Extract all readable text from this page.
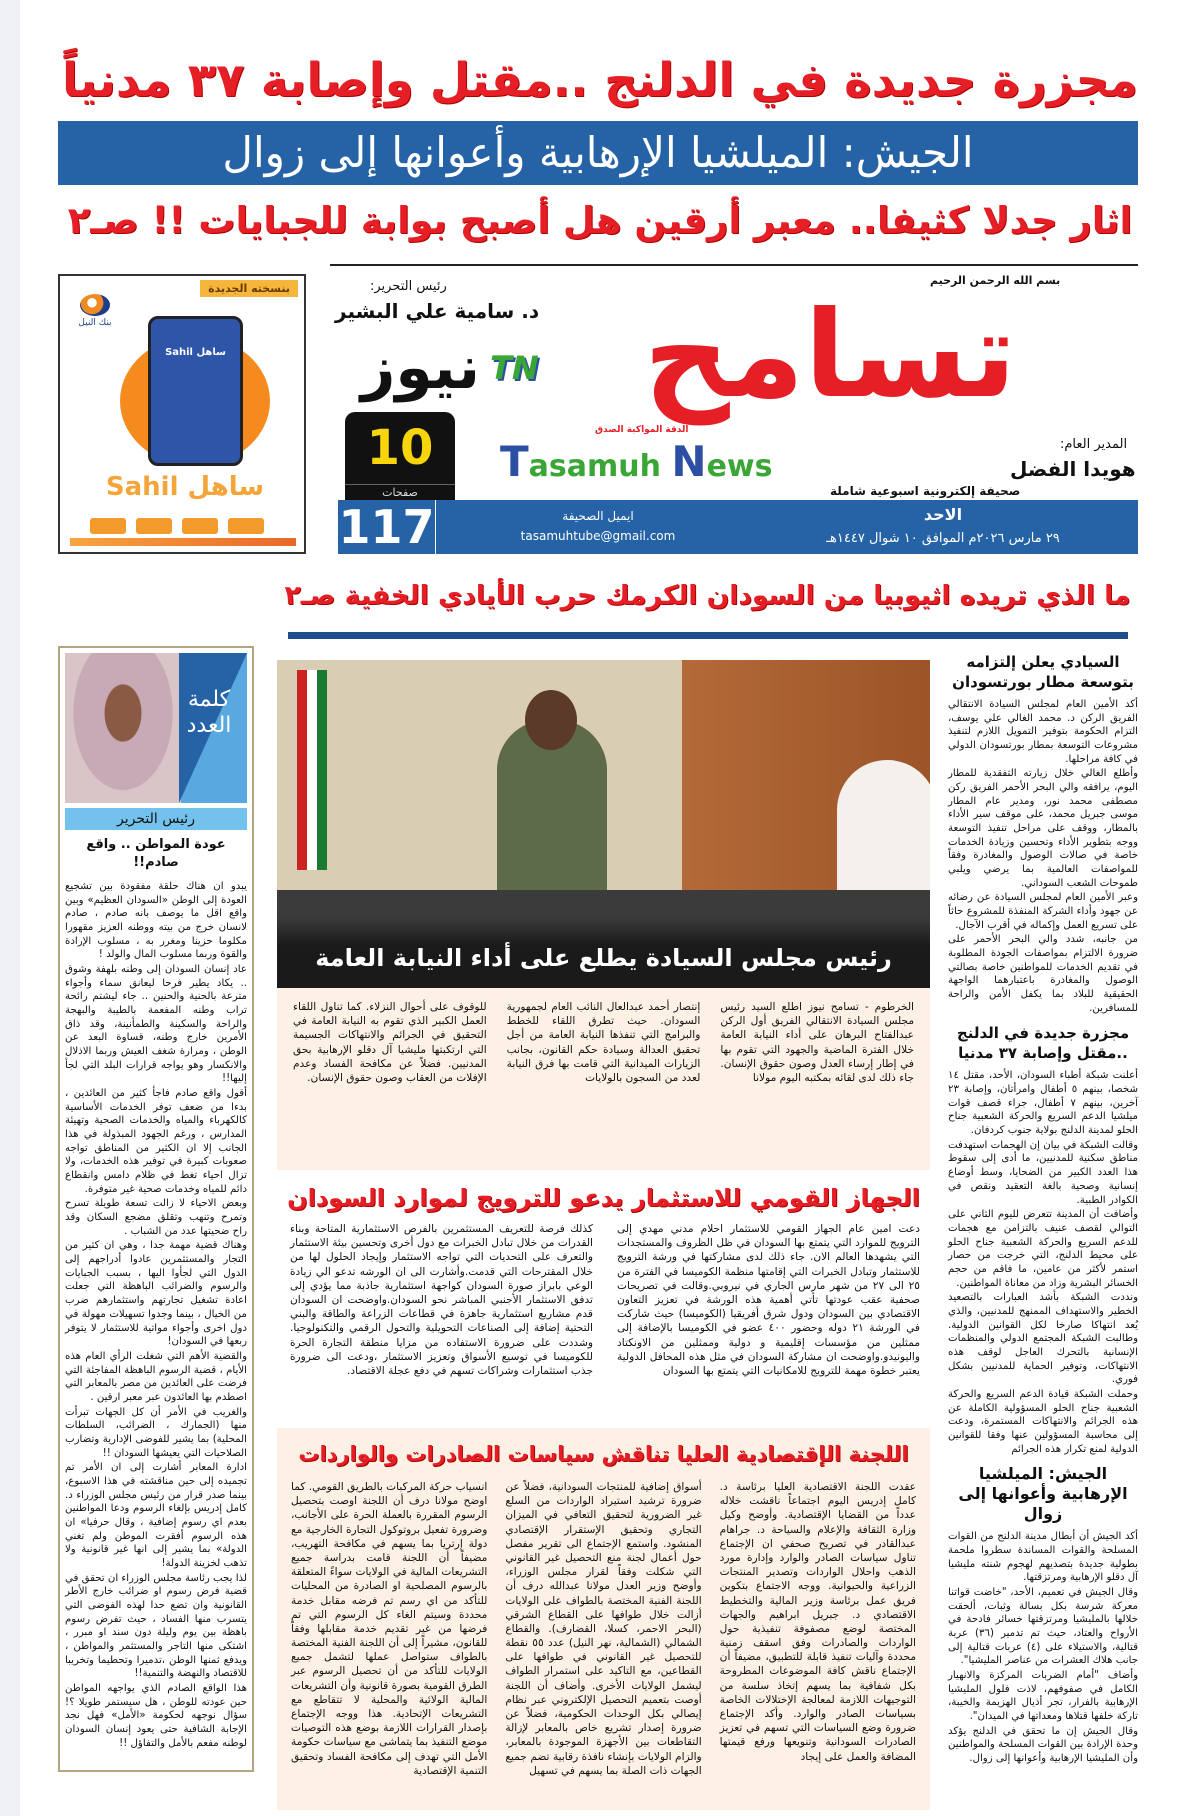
مجزرة جديدة في الدلنج ..مقتل وإصابة ٣٧ مدنياً
الجيش: الميلشيا الإرهابية وأعوانها إلى زوال
اثار جدلا كثيفا.. معبر أرقين هل أصبح بوابة للجبايات !! صـ٢
بنسخته الجديدة
بنك النيل
ساهل Sahil
ساهل Sahil
بسم الله الرحمن الرحيم
تسامح
TN
الدقة المواكبة الصدق
Tasamuh News
نيوز
رئيس التحرير:
د. سامية علي البشير
10
صفحات
المدير العام:
هويدا الفضل
صحيفة إلكترونية اسبوعية شاملة
117	ايميل الصحيفة
tasamuhtube@gmail.com
الاحد
٢٩ مارس ٢٠٢٦م الموافق ١٠ شوال ١٤٤٧هـ
ما الذي تريده اثيوبيا من السودان الكرمك حرب الأيادي الخفية صـ٢
كلمة العدد
رئيس التحرير
عودة المواطن .. واقع صادم!!

يبدو ان هناك حلقة مفقودة بين تشجيع العودة إلى الوطن «السودان العظيم» وبين واقع اقل ما يوصف بانه صادم ، صادم لانسان خرج من بيته ووطنه العزيز مقهورا مكلوما حزينا ومغرر به ، مسلوب الإرادة والقوة وربما مسلوب المال والولد !

عاد إنسان السودان إلى وطنه بلهفة وشوق .. يكاد يطير فرحا ليعانق سماء وأجواء مترعة بالحنية والحنين .. جاء ليشتم رائحة تراب وطنه المفعمة بالطيبة والبهجة والراحة والسكينة والطمأنينة، وقد ذاق الأمرين خارج وطنه، قساوة البعد عن الوطن ، ومرارة شغف العيش وربما الاذلال والانكسار وهو يواجه قرارات البلد التي لجأ إليها!!

أقول واقع صادم فاجأ كثير من العائدين ، بدءا من ضعف توفر الخدمات الأساسية كالكهرباء والمياه والخدمات الصحية وتهيئة المدارس ، ورغم الجهود المبذولة في هذا الجانب إلا ان الكثير من المناطق تواجه صعوبات كبيرة في توفير هذه الخدمات، ولا تزال احياء تغط في ظلام دامس وانقطاع دائم للمياه وخدمات صحية غير متوفرة.

وبعض الاحياء لا زالت تسعة طويلة تسرح وتمرح وتنهب وتقلق مضجع السكان وقد راح ضحيتها عدد من الشباب .

وهناك قضية مهمة جدا ، وهي ان كثير من التجار والمستثمرين عادوا أدراجهم إلى الدول التي لجأوا اليها ، بسبب الجبايات والرسوم والضرائب الباهظة التي جعلت اعادة تشغيل تجارتهم واستثمارهم ضرب من الخيال ، بينما وجدوا تسهيلات مهولة في دول اخرى وأجواء مواتية للاستثمار لا يتوفر ربعها في السودان!

والقضية الأهم التي شغلت الرأي العام هذه الأيام ، قضية الرسوم الباهظة المفاجئة التي فرضت على العائدين من مصر بالمعابر التي اصطدم بها العائدون عبر معبر ارقين .

والغريب في الأمر أن كل الجهات تبرأت منها (الجمارك ، الضرائب، السلطات المحلية) بما يشير للفوضى الإدارية وتضارب الصلاحيات التي يعيشها السودان !!

ادارة المعابر أشارت إلى ان الأمر تم تجميده إلى حين مناقشته في هذا الاسبوع، بينما صدر قرار من رئيس مجلس الوزراء د. كامل إدريس بإلغاء الرسوم ودعا المواطنين بعدم اي رسوم إضافية ، وقال حرفيا» ان هذه الرسوم أفقرت الموطن ولم تغني الدولة» بما يشير إلى انها غير قانونية ولا تذهب لخزينة الدولة!

لذا يجب رئاسة مجلس الوزراء ان تحقق في قضية فرض رسوم او ضرائب خارج الأطر القانونية وان تضع حدا لهذه الفوضى التي يتسرب منها الفساد ، حيث تفرض رسوم باهظة بين يوم وليلة دون سند او مبرر ، اشتكى منها التاجر والمستثمر والمواطن ، ويدفع ثمنها الوطن ،تدميرا وتحطيما وتخريبا للاقتصاد والنهضة والتنمية!!

هذا الواقع الصادم الذي يواجهه المواطن حين عودته للوطن ، هل سيستمر طويلا ؟! سؤال نوجهه لحكومة «الأمل» فهل نجد الإجابة الشافية حتى يعود إنسان السودان لوطنه مفعم بالأمل والتفاؤل !!

السيادي يعلن إلتزامه بتوسعة مطار بورتسودان

أكد الأمين العام لمجلس السيادة الانتقالي الفريق الركن د. محمد الغالي علي يوسف، التزام الحكومة بتوفير التمويل اللازم لتنفيذ مشروعات التوسعة بمطار بورتسودان الدولي في كافة مراحلها.

وأطلع الغالي خلال زيارته التفقدية للمطار اليوم، يرافقه والي البحر الأحمر الفريق ركن مصطفى محمد نور، ومدير عام المطار موسى جبريل محمد، على موقف سير الأداء بالمطار، ووقف على مراحل تنفيذ التوسعة ووجه بتطوير الأداء وتحسين وزيادة الخدمات خاصة في صالات الوصول والمغادرة وفقاً للمواصفات العالمية بما يرضي ويلبي طموحات الشعب السوداني.

وعبر الأمين العام لمجلس السيادة عن رضائه عن جهود وأداء الشركة المنفذة للمشروع حاثاً على تسريع العمل وإكماله في أقرب الآجال.

من جانبه، شدد والي البحر الأحمر على ضرورة الالتزام بمواصفات الجودة المطلوبة في تقديم الخدمات للمواطنين خاصة بصالتي الوصول والمغادرة باعتبارهما الواجهة الحقيقية للبلاد بما يكفل الأمن والراحة للمسافرين.

مجزرة جديدة في الدلنج ..مقتل وإصابة ٣٧ مدنيا

أعلنت شبكة أطباء السودان، الأحد، مقتل ١٤ شخصا، بينهم ٥ أطفال وامرأتان، وإصابة ٢٣ آخرين، بينهم ٧ أطفال، جراء قصف قوات ميلشيا الدعم السريع والحركة الشعبية جناح الحلو لمدينة الدلنج بولاية جنوب كردفان.

وقالت الشبكة في بيان إن الهجمات استهدفت مناطق سكنية للمدنيين، ما أدى إلى سقوط هذا العدد الكبير من الضحايا، وسط أوضاع إنسانية وصحية بالغة التعقيد ونقص في الكوادر الطبية.

وأضافت أن المدينة تتعرض لليوم الثاني على التوالي لقصف عنيف بالتزامن مع هجمات للدعم السريع والحركة الشعبية جناح الحلو على محيط الدلنج، التي خرجت من حصار استمر لأكثر من عامين، ما فاقم من حجم الخسائر البشرية وزاد من معاناة المواطنين.

ونددت الشبكة بأشد العبارات بالتصعيد الخطير والاستهداف الممنهج للمدنيين، والذي يُعد انتهاكا صارخا لكل القوانين الدولية. وطالبت الشبكة المجتمع الدولي والمنظمات الإنسانية بالتحرك العاجل لوقف هذه الانتهاكات، وتوفير الحماية للمدنيين بشكل فوري.

وحملت الشبكة قيادة الدعم السريع والحركة الشعبية جناح الحلو المسؤولية الكاملة عن هذه الجرائم والانتهاكات المستمرة، ودعت إلى محاسبة المسؤولين عنها وفقا للقوانين الدولية لمنع تكرار هذه الجرائم

الجيش: الميلشيا الإرهابية وأعوانها إلى زوال

أكد الجيش أن أبطال مدينة الدلنج من القوات المسلحة والقوات المساندة سطروا ملحمة بطولية جديدة بتصديهم لهجوم شنته مليشيا آل دقلو الإرهابية ومرتزقتها.

وقال الجيش في تعميم، الأحد، "خاضت قواتنا معركة شرسة بكل بسالة وثبات، ألحقت خلالها بالمليشيا ومرتزقتها خسائر فادحة في الأرواح والعتاد، حيث تم تدمير (٣٦) عربة قتالية، والاستيلاء على (٤) عربات قتالية إلى جانب هلاك العشرات من عناصر المليشيا".

وأضاف "أمام الضربات المركزة والانهيار الكامل في صفوفهم، لاذت فلول المليشيا الإرهابية بالفرار، تجر أذيال الهزيمة والخيبة، تاركة خلفها قتلاها ومعداتها في الميدان".

وقال الجيش إن ما تحقق في الدلنج يؤكد وحدة الإرادة بين القوات المسلحة والمواطنين وأن المليشيا الإرهابية وأعوانها إلى زوال.

رئيس مجلس السيادة يطلع على أداء النيابة العامة
الخرطوم - تسامح نيوز اطلع السيد رئيس مجلس السيادة الانتقالي الفريق أول الركن عبدالفتاح البرهان على أداء النيابة العامة خلال الفترة الماضية والجهود التي تقوم بها في إطار إرساء العدل وصون حقوق الإنسان. جاء ذلك لدى لقائه بمكتبه اليوم مولانا
إنتصار أحمد عبدالعال النائب العام لجمهورية السودان. حيث تطرق اللقاء للخطط والبرامج التي تنفذها النيابة العامة من أجل تحقيق العدالة وسيادة حكم القانون، بجانب الزيارات الميدانية التي قامت بها فرق النيابة لعدد من السجون بالولايات
للوقوف على أحوال النزلاء. كما تناول اللقاء العمل الكبير الذي تقوم به النيابة العامة في التحقيق في الجرائم والانتهاكات الجسيمة التي ارتكبتها مليشيا آل دقلو الإرهابية بحق المدنيين. فضلاً عن مكافحة الفساد وعدم الإفلات من العقاب وصون حقوق الإنسان.
الجهاز القومي للاستثمار يدعو للترويج لموارد السودان
دعت امين عام الجهاز القومي للاستثمار احلام مدني مهدي إلى الترويج للموارد التي يتمتع بها السودان في ظل الظروف والمستجدات التي يشهدها العالم الان. جاء ذلك لدى مشاركتها في ورشة الترويج للاستثمار وتبادل الخبرات التي إقامتها منظمة الكوميسا في الفترة من ٢٥ الى ٢٧ من شهر مارس الجاري في نيروبي.وقالت في تصريحات صحفية عقب عودتها تأتي أهمية هذه الورشة في تعزيز التعاون الاقتصادي بين السودان ودول شرق أفريقيا (الكوميسا) حيث شاركت في الورشة ٢١ دوله وحضور ٤٠٠ عضو في الكوميسا بالإضافة إلى ممثلين من مؤسسات إقليمية و دولية وممثلين من الاونكتاد واليونيدو.واوضحت ان مشاركة السودان في مثل هذه المحافل الدولية يعتبر خطوة مهمة للترويج للامكانيات التي يتمتع بها السودان
كذلك فرصة للتعريف المستثمرين بالفرص الاستثمارية المتاحة وبناء القدرات من خلال تبادل الخبرات مع دول أخرى وتحسين بيئة الاستثمار والتعرف على التحديات التي تواجه الاستثمار وإيجاد الحلول لها من خلال المقترحات التي قدمت.وأشارت الى ان الورشه تدعو الي زيادة الوعي بابراز صورة السودان كواجهة استثمارية جاذبة مما يؤدي إلى تدفق الاستثمار الأجنبي المباشر نحو السودان.واوضحت ان السودان قدم مشاريع استثمارية جاهزة في قطاعات الزراعة والطاقة والبني التحتية إضافة إلى الصناعات التحويلية والتحول الرقمي والتكنولوجيا. وشددت على ضرورة الاستفاده من مزايا منطقة التجارة الحرة للكوميسا في توسيع الأسواق وتعزيز الاستثمار ،ودعت الى ضرورة جذب استثمارات وشراكات تسهم في دفع عجلة الاقتصاد.
اللجنة الإقتصادية العليا تناقش سياسات الصادرات والواردات
عقدت اللجنة الاقتصادية العليا برئاسة د. كامل إدريس اليوم اجتماعاً ناقشت خلاله عدداً من القضايا الإقتصادية. وأوضح وكيل وزارة الثقافة والإعلام والسياحة د. جراهام عبدالقادر في تصريح صحفي ان الإجتماع تناول سياسات الصادر والوارد وإدارة مورد الذهب واحلال الواردات وتصدير المنتجات الزراعية والحيوانية. ووجه الاجتماع بتكوين فريق عمل برئاسة وزير المالية والتخطيط الاقتصادي د. جبريل ابراهيم والجهات المختصة لوضع مصفوفة تنفيذية حول الواردات والصادرات وفق اسقف زمنية محددة وآليات تنفيذ قابلة للتطبيق، مضيفاً أن الإجتماع ناقش كافة الموضوعات المطروحة بكل شفافية بما يسهم إتخاذ سلسة من التوجيهات اللازمة لمعالجة الإختلالات الخاصة بسياسات الصادر والوارد. وأكد الإجتماع ضرورة وضع السياسات التي تسهم في تعزيز الصادرات السودانية وتنويعها ورفع قيمتها المضافة والعمل على إيجاد
أسواق إضافية للمنتجات السودانية، فضلاً عن ضرورة ترشيد استيراد الواردات من السلع غير الضرورية لتحقيق التعافي في الميزان التجاري وتحقيق الإستقرار الإقتصادي المنشود. واستمع الإجتماع الى تقرير مفصل حول أعمال لجنة منع التحصيل غير القانوني التي شكلت وفقاً لقرار مجلس الوزراء، وأوضح وزير العدل مولانا عبدالله درف أن اللجنة الفنية المختصة بالطواف على الولايات أزالت خلال طوافها على القطاع الشرقي (البحر الاحمر، كسلا، القضارف). والقطاع الشمالي (الشمالية، نهر النيل) عدد ٥٥ نقطة للتحصيل غير القانوني في طوافها على القطاعين، مع التاكيد على استمرار الطواف ليشمل الولايات الأخرى. وأضاف أن اللجنة أوصت بتعميم التحصيل الإلكتروني عبر نظام إيصالي بكل الوحدات الحكومية، فضلاً عن ضرورة إصدار تشريع خاص بالمعابر لإزالة التقاطعات بين الأجهزة الموجودة بالمعابر، والزام الولايات بإنشاء نافذة رقابية تضم جميع الجهات ذات الصلة بما يسهم في تسهيل
انسياب حركة المركبات بالطريق القومي. كما اوضح مولانا درف أن اللجنة اوصت بتحصيل الرسوم المقررة بالعملة الحرة على الأجانب، وضرورة تفعيل بروتوكول التجارة الخارجية مع دولة إرتريا بما يسهم في مكافحة التهريب، مضيفاً أن اللجنة قامت بدراسة جميع التشريعات المالية في الولايات سواءً المتعلقة بالرسوم المصلحية او الصادرة من المحليات للتأكد من اي رسم تم فرضه مقابل خدمة محددة وسيتم الغاء كل الرسوم التي تم فرضها من غير تقديم خدمة مقابلها وفقاً للقانون، مشيراً إلى أن اللجنة الفنية المختصة بالطواف ستواصل عملها لتشمل جميع الولايات للتأكد من أن تحصيل الرسوم عبر الطرق القومية بصورة قانونية وأن التشريعات المالية الولائية والمحلية لا تتقاطع مع التشريعات الإتحادية. هذا ووجه الإجتماع بإصدار القرارات اللازمة بوضع هذه التوصيات موضع التنفيذ بما يتماشى مع سياسات حكومة الأمل التي تهدف إلى مكافحة الفساد وتحقيق التنمية الإقتصادية
